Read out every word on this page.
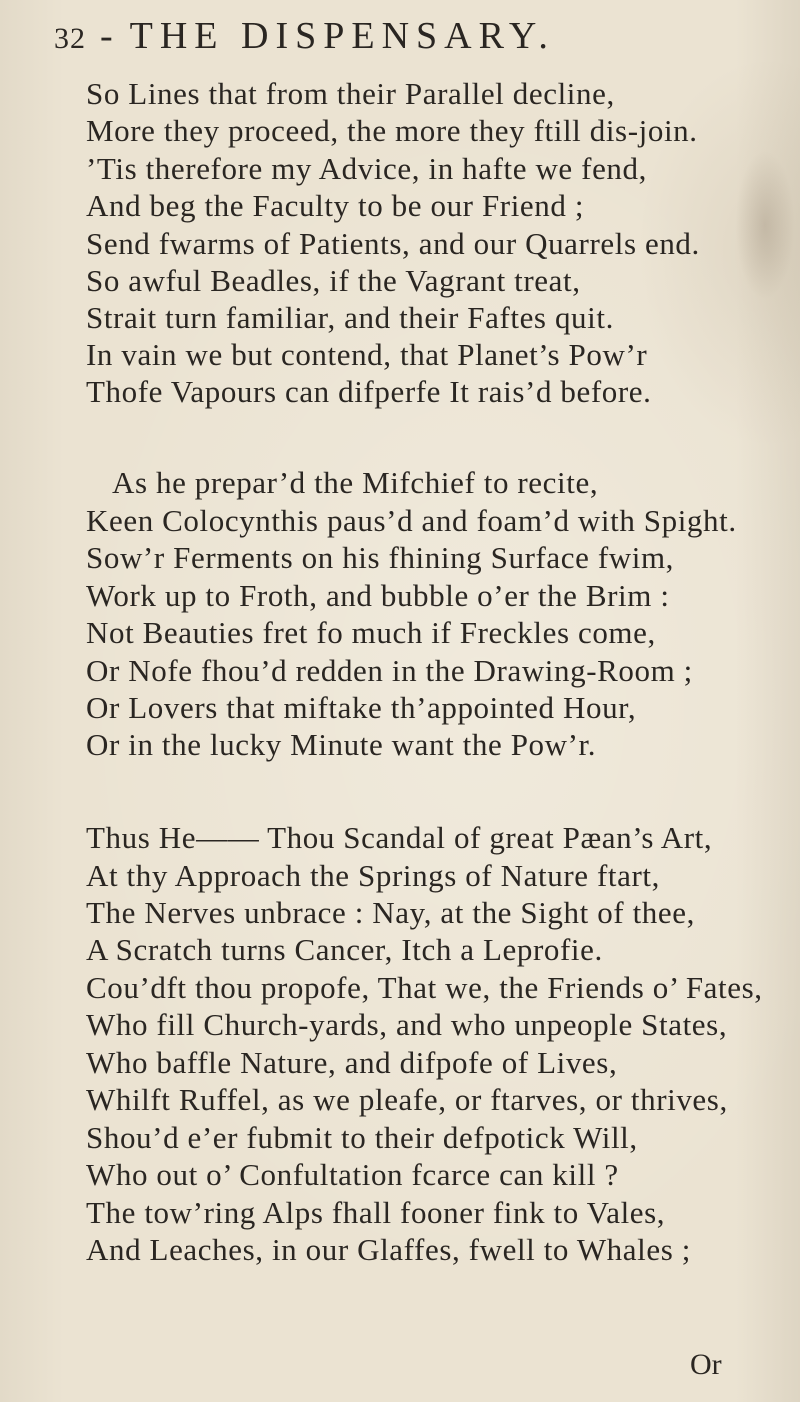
32 - THE DISPENSARY.
So Lines that from their Parallel decline,
More they proceed, the more they ftill dis-join.
’Tis therefore my Advice, in hafte we fend,
And beg the Faculty to be our Friend ;
Send fwarms of Patients, and our Quarrels end.
So awful Beadles, if the Vagrant treat,
Strait turn familiar, and their Faftes quit.
In vain we but contend, that Planet’s Pow’r
Thofe Vapours can difperfe It rais’d before.
As he prepar’d the Mifchief to recite,
Keen Colocynthis paus’d and foam’d with Spight.
Sow’r Ferments on his fhining Surface fwim,
Work up to Froth, and bubble o’er the Brim :
Not Beauties fret fo much if Freckles come,
Or Nofe fhou’d redden in the Drawing-Room ;
Or Lovers that miftake th’appointed Hour,
Or in the lucky Minute want the Pow’r.
Thus He—— Thou Scandal of great Pæan’s Art,
At thy Approach the Springs of Nature ftart,
The Nerves unbrace : Nay, at the Sight of thee,
A Scratch turns Cancer, Itch a Leprofie.
Cou’dft thou propofe, That we, the Friends o’ Fates,
Who fill Church-yards, and who unpeople States,
Who baffle Nature, and difpofe of Lives,
Whilft Ruffel, as we pleafe, or ftarves, or thrives,
Shou’d e’er fubmit to their defpotick Will,
Who out o’ Confultation fcarce can kill ?
The tow’ring Alps fhall fooner fink to Vales,
And Leaches, in our Glaffes, fwell to Whales ;
Or
